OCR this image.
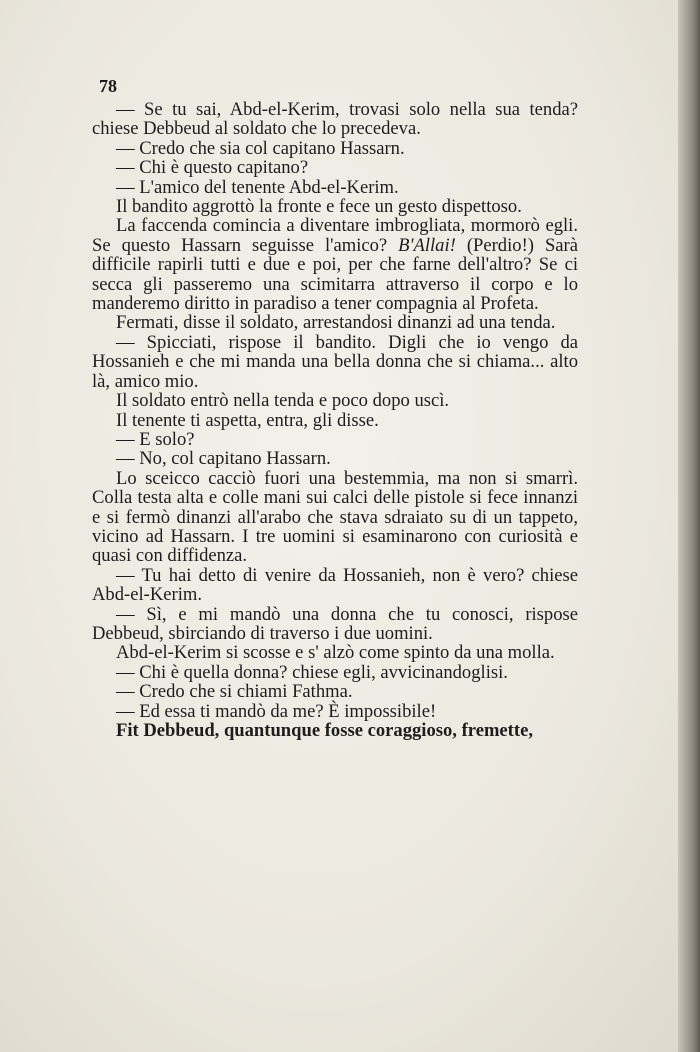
78

— Se tu sai, Abd-el-Kerim, trovasi solo nella sua tenda? chiese Debbeud al soldato che lo precedeva.

— Credo che sia col capitano Hassarn.

— Chi è questo capitano?

— L'amico del tenente Abd-el-Kerim.

Il bandito aggrottò la fronte e fece un gesto dispettoso.

La faccenda comincia a diventare imbrogliata, mormorò egli. Se questo Hassarn seguisse l'amico? B'Allai! (Perdio!) Sarà difficile rapirli tutti e due e poi, per che farne dell'altro? Se ci secca gli passeremo una scimitarra attraverso il corpo e lo manderemo diritto in paradiso a tener compagnia al Profeta.

Fermati, disse il soldato, arrestandosi dinanzi ad una tenda.

— Spicciati, rispose il bandito. Digli che io vengo da Hossanieh e che mi manda una bella donna che si chiama... alto là, amico mio.

Il soldato entrò nella tenda e poco dopo uscì.

Il tenente ti aspetta, entra, gli disse.

— E solo?

— No, col capitano Hassarn.

Lo sceicco cacciò fuori una bestemmia, ma non si smarrì. Colla testa alta e colle mani sui calci delle pistole si fece innanzi e si fermò dinanzi all'arabo che stava sdraiato su di un tappeto, vicino ad Hassarn. I tre uomini si esaminarono con curiosità e quasi con diffidenza.

— Tu hai detto di venire da Hossanieh, non è vero? chiese Abd-el-Kerim.

— Sì, e mi mandò una donna che tu conosci, rispose Debbeud, sbirciando di traverso i due uomini.

Abd-el-Kerim si scosse e s' alzò come spinto da una molla.

— Chi è quella donna? chiese egli, avvicinandoglisi.

— Credo che si chiami Fathma.

— Ed essa ti mandò da me? È impossibile!

Fit Debbeud, quantunque fosse coraggioso, fremette,
